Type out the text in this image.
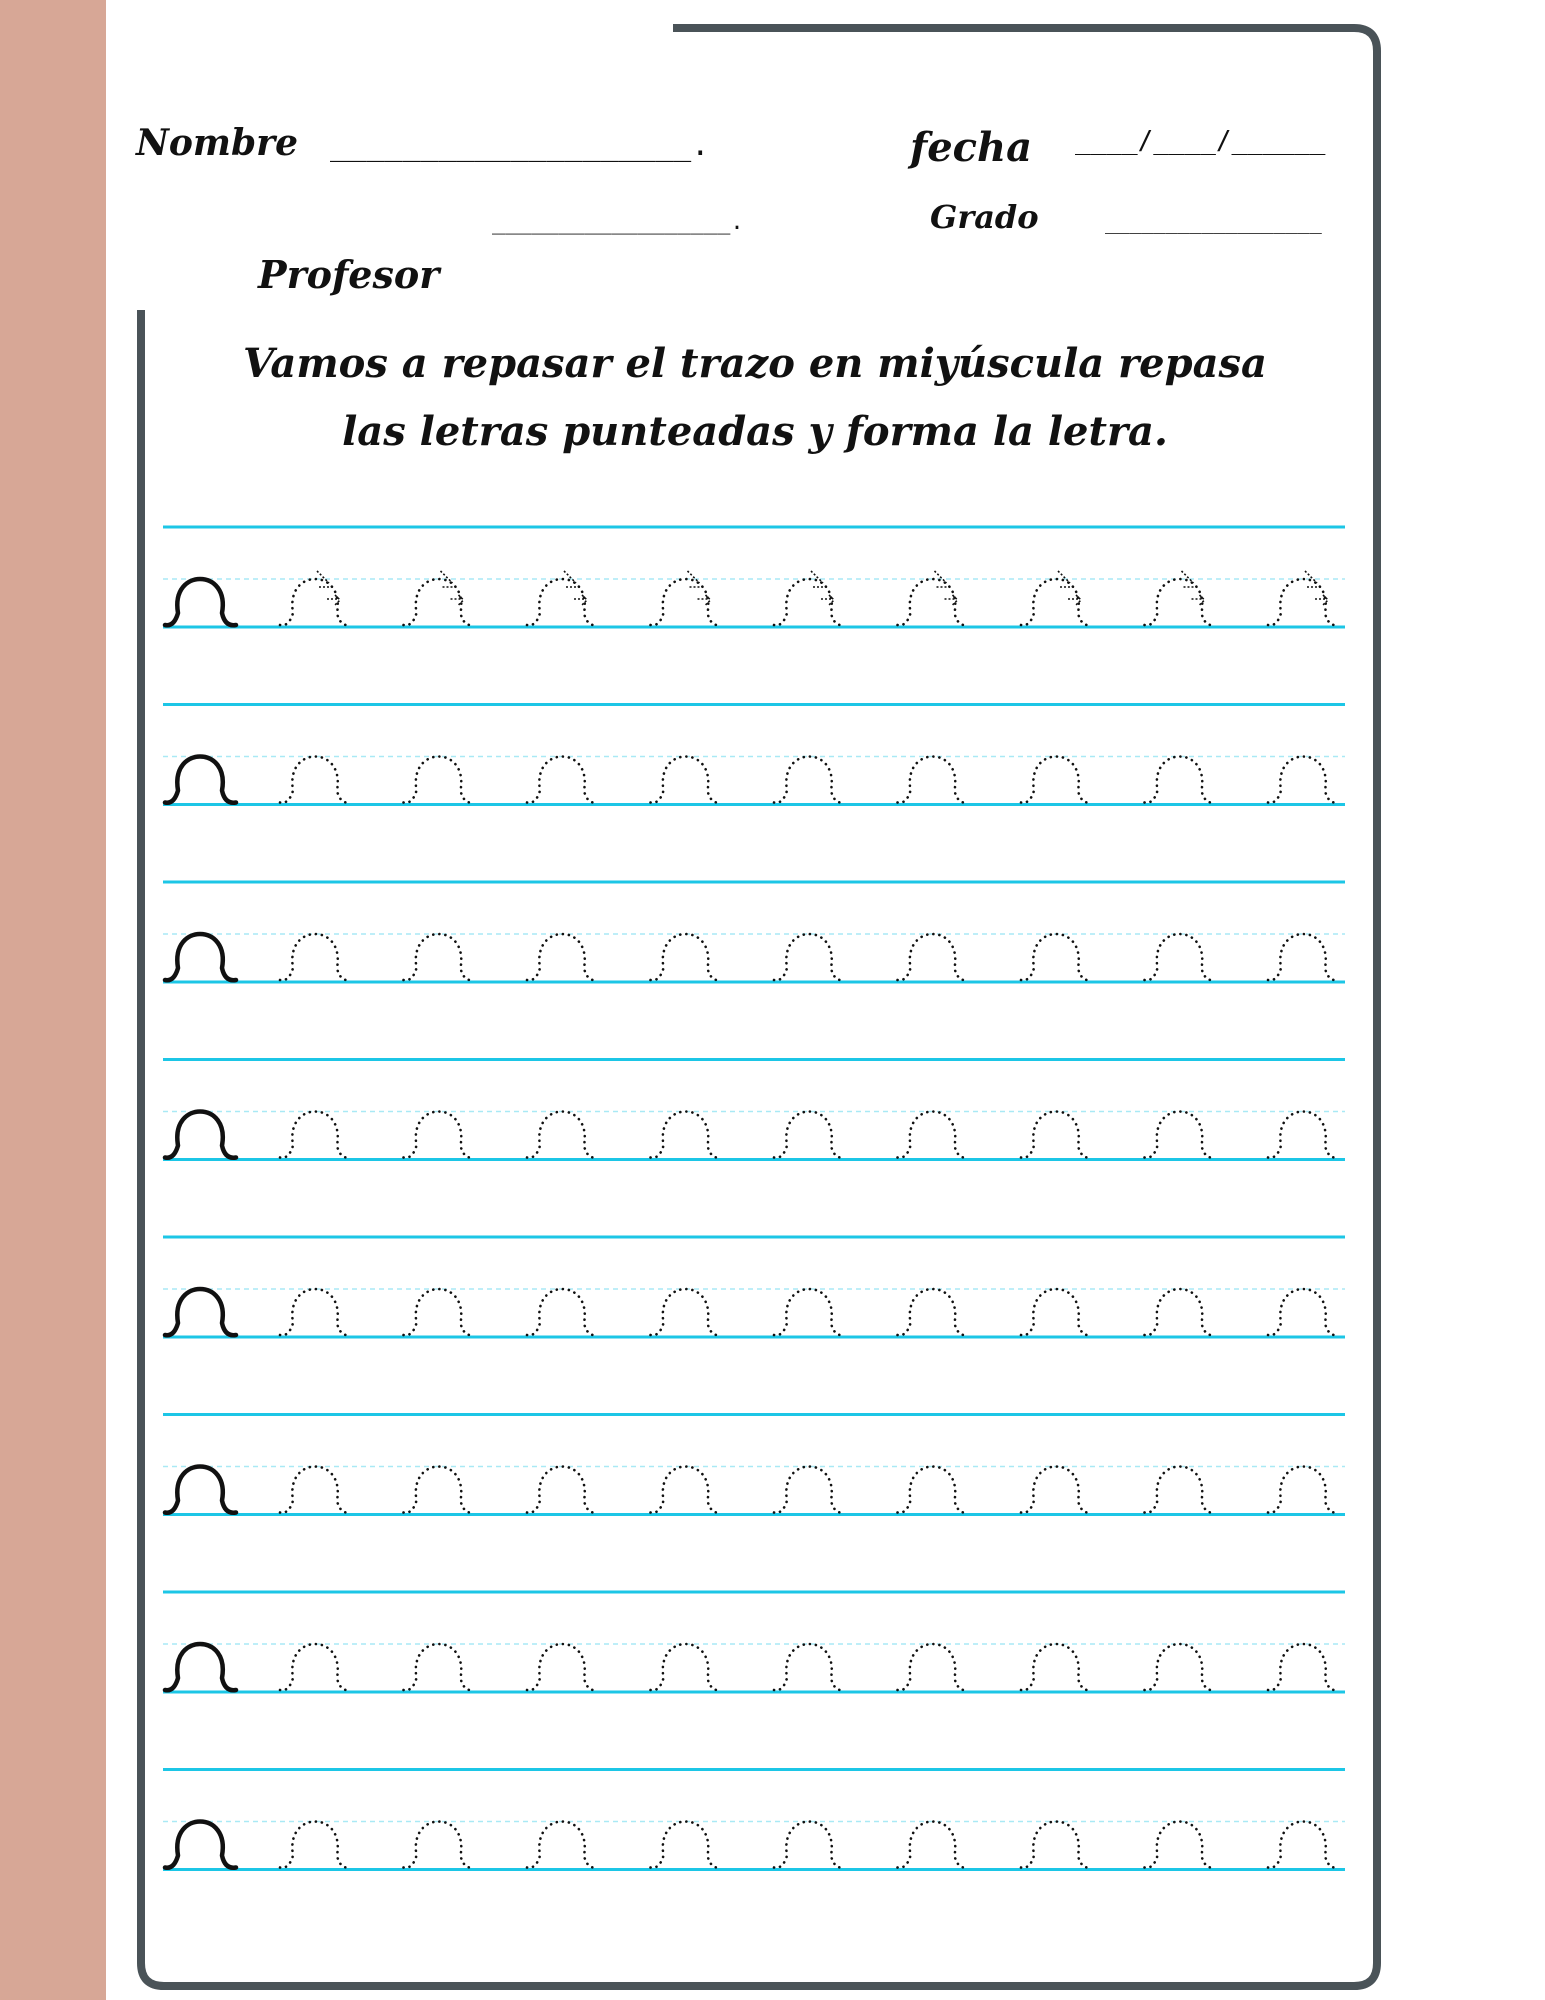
Nombre ____________________.	fecha ____/____/______
__________________.	Grado	__________________
Profesor
Vamos a repasar el trazo en miyúscula repasa
las letras punteadas y forma la letra.
